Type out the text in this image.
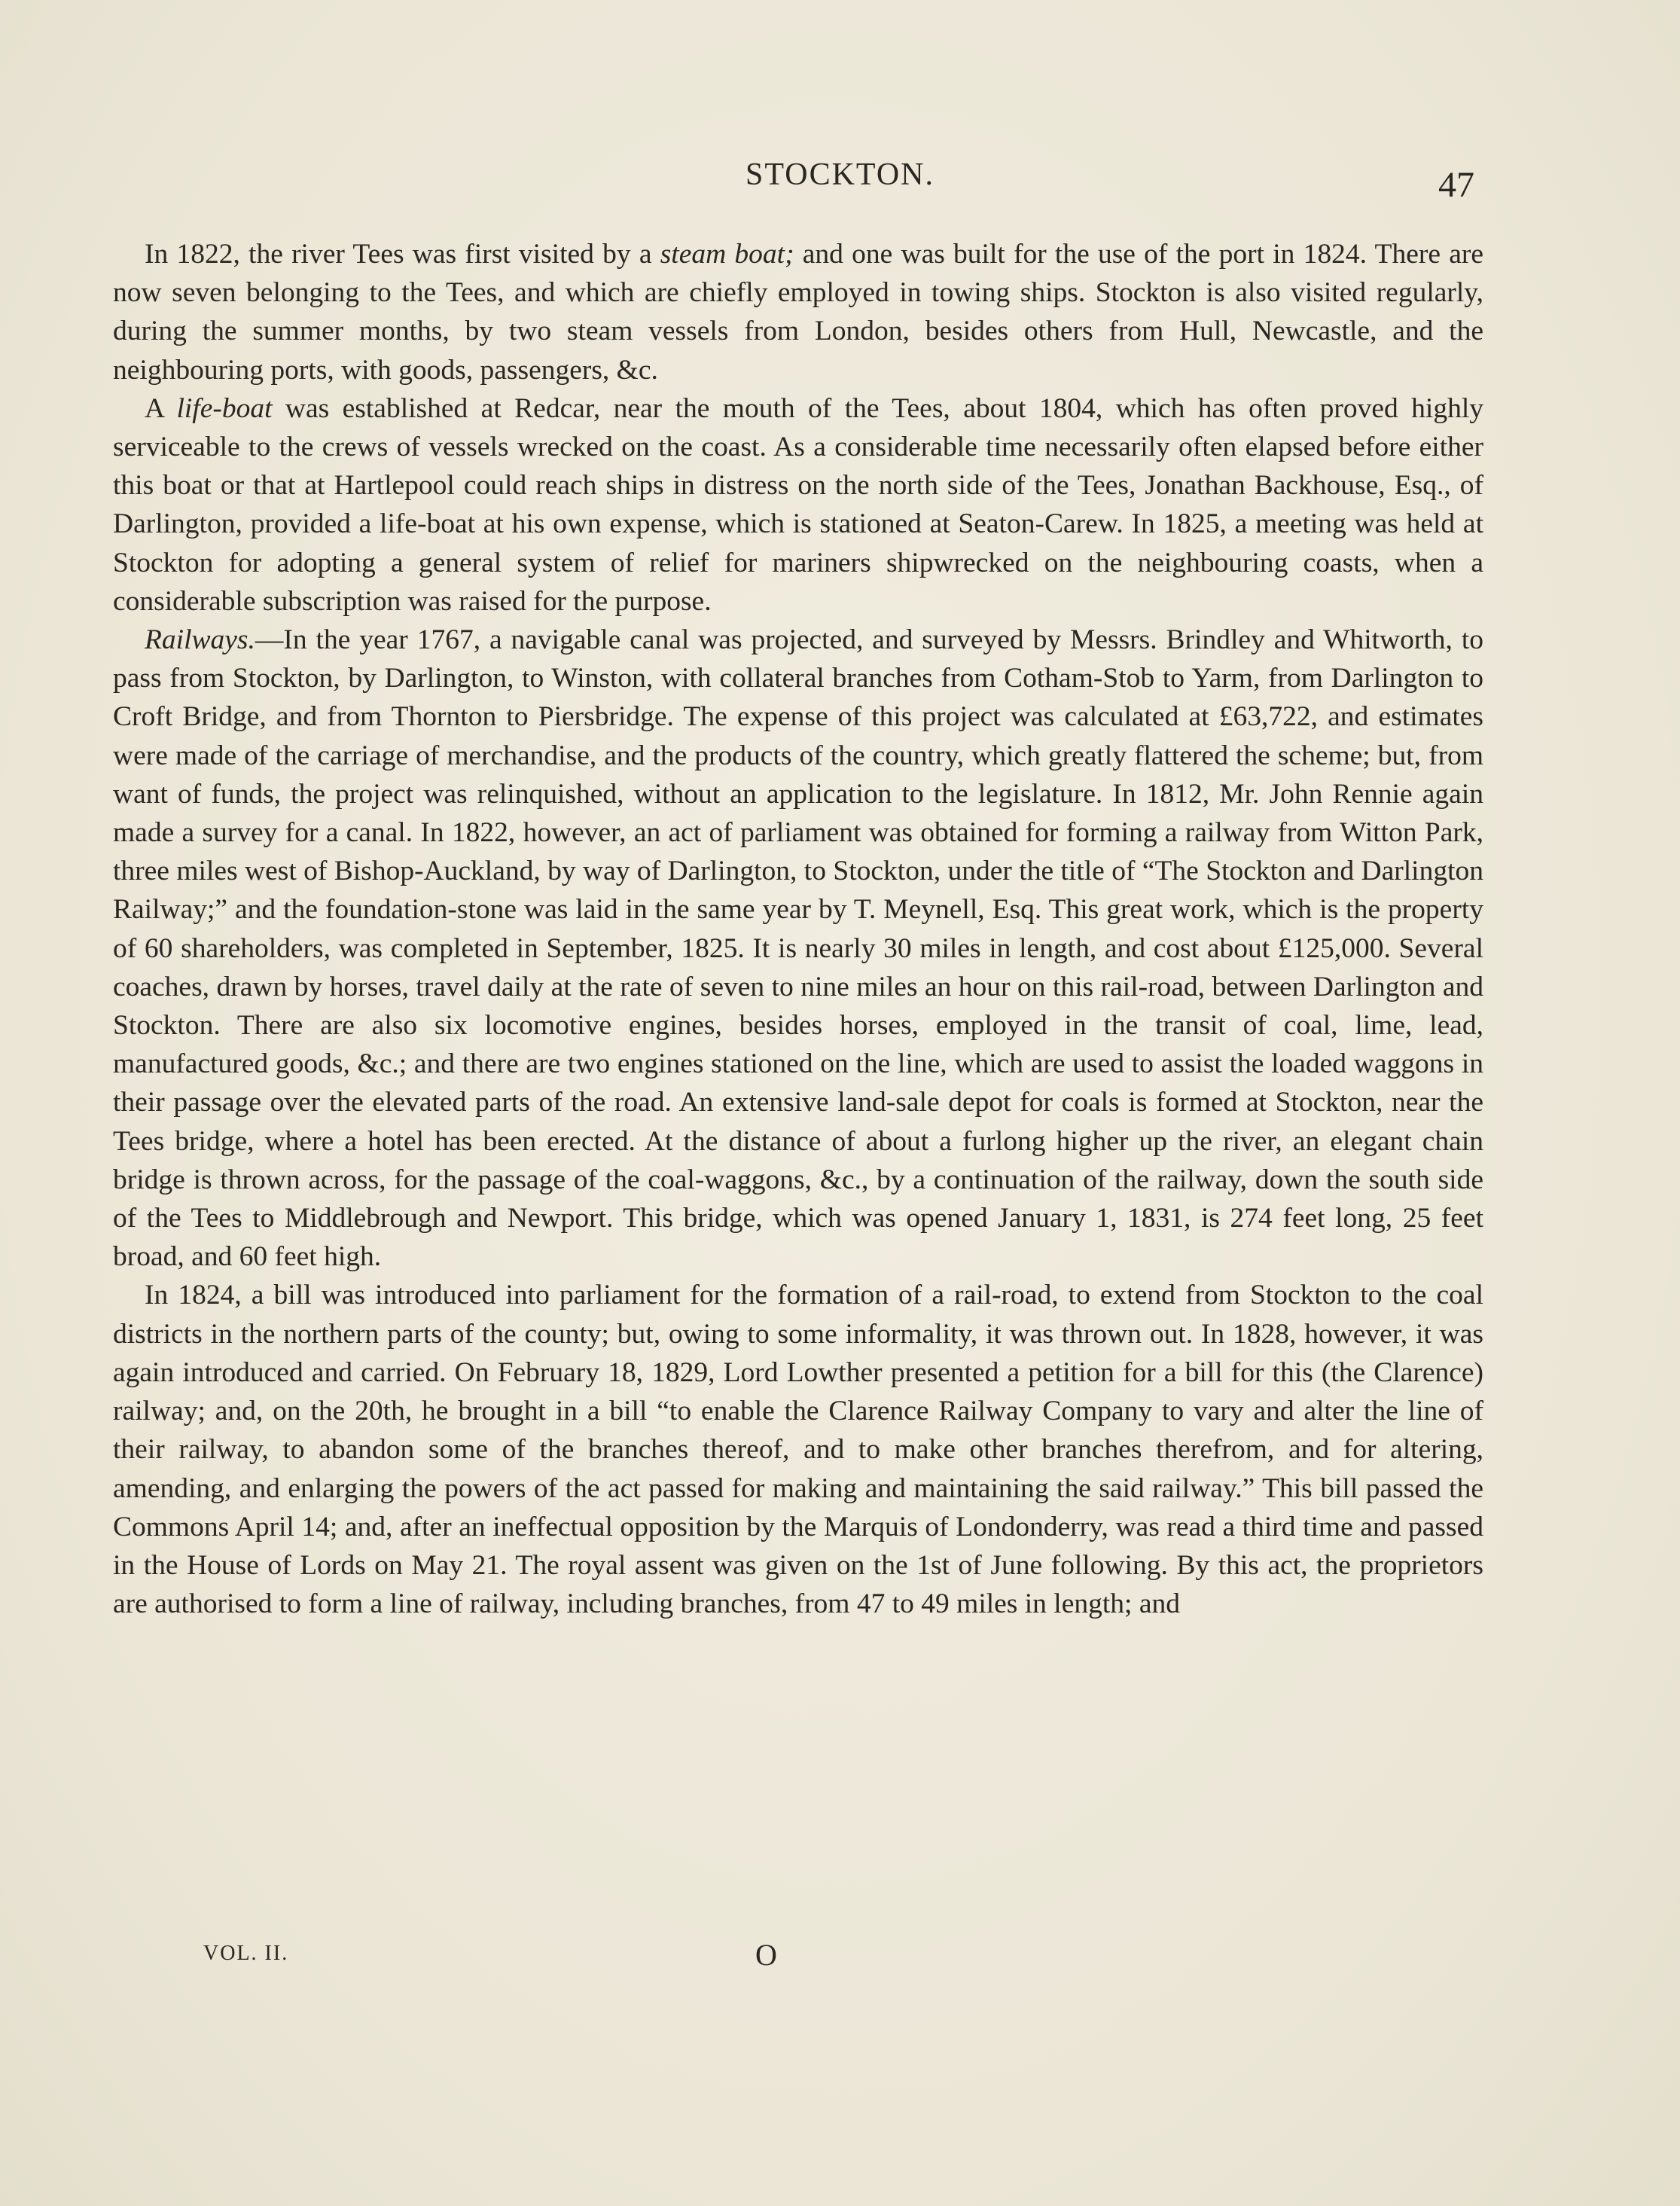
STOCKTON.	47

In 1822, the river Tees was first visited by a steam boat; and one was built for the use of the port in 1824. There are now seven belonging to the Tees, and which are chiefly employed in towing ships. Stockton is also visited regularly, during the summer months, by two steam vessels from London, besides others from Hull, Newcastle, and the neighbouring ports, with goods, passengers, &c.

A life-boat was established at Redcar, near the mouth of the Tees, about 1804, which has often proved highly serviceable to the crews of vessels wrecked on the coast. As a considerable time necessarily often elapsed before either this boat or that at Hartlepool could reach ships in distress on the north side of the Tees, Jonathan Backhouse, Esq., of Darlington, provided a life-boat at his own expense, which is stationed at Seaton-Carew. In 1825, a meeting was held at Stockton for adopting a general system of relief for mariners shipwrecked on the neighbouring coasts, when a considerable subscription was raised for the purpose.

Railways.—In the year 1767, a navigable canal was projected, and surveyed by Messrs. Brindley and Whitworth, to pass from Stockton, by Darlington, to Winston, with collateral branches from Cotham-Stob to Yarm, from Darlington to Croft Bridge, and from Thornton to Piersbridge. The expense of this project was calculated at £63,722, and estimates were made of the carriage of merchandise, and the products of the country, which greatly flattered the scheme; but, from want of funds, the project was relinquished, without an application to the legislature. In 1812, Mr. John Rennie again made a survey for a canal. In 1822, however, an act of parliament was obtained for forming a railway from Witton Park, three miles west of Bishop-Auckland, by way of Darlington, to Stockton, under the title of “The Stockton and Darlington Railway;” and the foundation-stone was laid in the same year by T. Meynell, Esq. This great work, which is the property of 60 shareholders, was completed in September, 1825. It is nearly 30 miles in length, and cost about £125,000. Several coaches, drawn by horses, travel daily at the rate of seven to nine miles an hour on this rail-road, between Darlington and Stockton. There are also six locomotive engines, besides horses, employed in the transit of coal, lime, lead, manufactured goods, &c.; and there are two engines stationed on the line, which are used to assist the loaded waggons in their passage over the elevated parts of the road. An extensive land-sale depot for coals is formed at Stockton, near the Tees bridge, where a hotel has been erected. At the distance of about a furlong higher up the river, an elegant chain bridge is thrown across, for the passage of the coal-waggons, &c., by a continuation of the railway, down the south side of the Tees to Middlebrough and Newport. This bridge, which was opened January 1, 1831, is 274 feet long, 25 feet broad, and 60 feet high.

In 1824, a bill was introduced into parliament for the formation of a rail-road, to extend from Stockton to the coal districts in the northern parts of the county; but, owing to some informality, it was thrown out. In 1828, however, it was again introduced and carried. On February 18, 1829, Lord Lowther presented a petition for a bill for this (the Clarence) railway; and, on the 20th, he brought in a bill “to enable the Clarence Railway Company to vary and alter the line of their railway, to abandon some of the branches thereof, and to make other branches therefrom, and for altering, amending, and enlarging the powers of the act passed for making and maintaining the said railway.” This bill passed the Commons April 14; and, after an ineffectual opposition by the Marquis of Londonderry, was read a third time and passed in the House of Lords on May 21. The royal assent was given on the 1st of June following. By this act, the proprietors are authorised to form a line of railway, including branches, from 47 to 49 miles in length; and

VOL. II.	O
